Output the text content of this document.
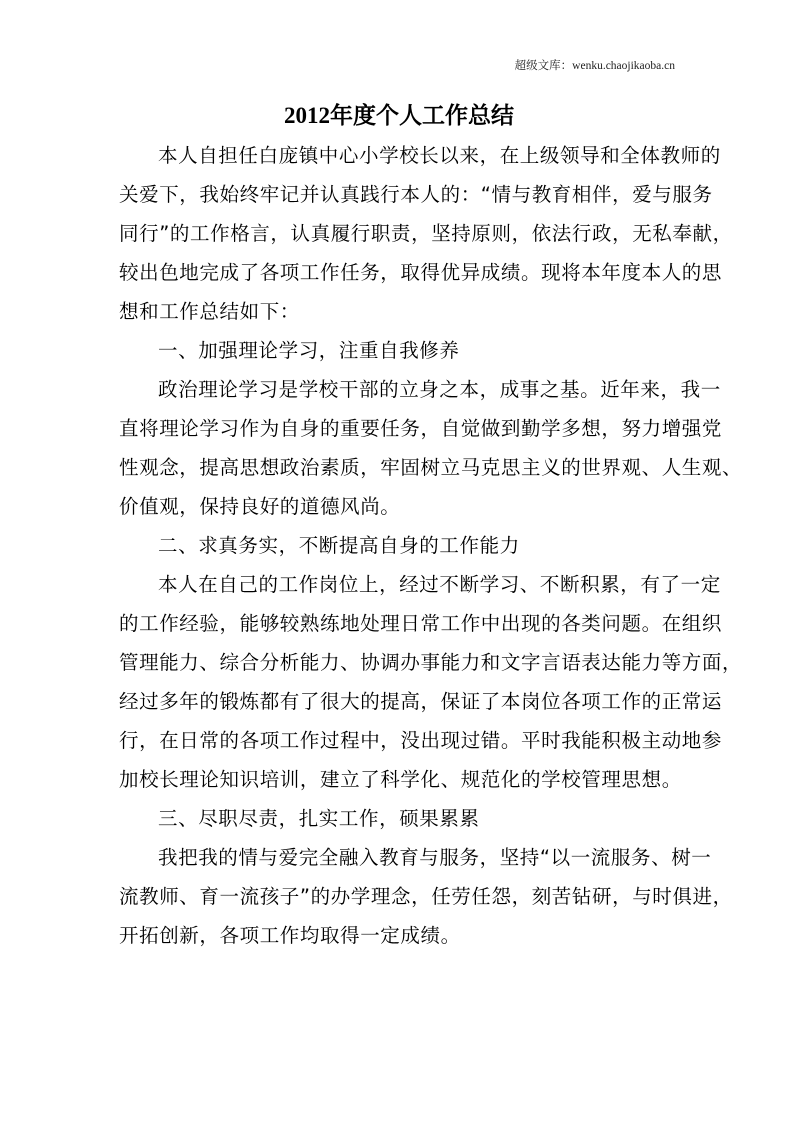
超级文库：wenku.chaojikaoba.cn
2012年度个人工作总结
本人自担任白庞镇中心小学校长以来，在上级领导和全体教师的
关爱下，我始终牢记并认真践行本人的：“情与教育相伴，爱与服务
同行”的工作格言，认真履行职责，坚持原则，依法行政，无私奉献，
较出色地完成了各项工作任务，取得优异成绩。现将本年度本人的思
想和工作总结如下：
一、加强理论学习，注重自我修养
政治理论学习是学校干部的立身之本，成事之基。近年来，我一
直将理论学习作为自身的重要任务，自觉做到勤学多想，努力增强党
性观念，提高思想政治素质，牢固树立马克思主义的世界观、人生观、
价值观，保持良好的道德风尚。
二、求真务实，不断提高自身的工作能力
本人在自己的工作岗位上，经过不断学习、不断积累，有了一定
的工作经验，能够较熟练地处理日常工作中出现的各类问题。在组织
管理能力、综合分析能力、协调办事能力和文字言语表达能力等方面，
经过多年的锻炼都有了很大的提高，保证了本岗位各项工作的正常运
行，在日常的各项工作过程中，没出现过错。平时我能积极主动地参
加校长理论知识培训，建立了科学化、规范化的学校管理思想。
三、尽职尽责，扎实工作，硕果累累
我把我的情与爱完全融入教育与服务，坚持“以一流服务、树一
流教师、育一流孩子”的办学理念，任劳任怨，刻苦钻研，与时俱进，
开拓创新，各项工作均取得一定成绩。
